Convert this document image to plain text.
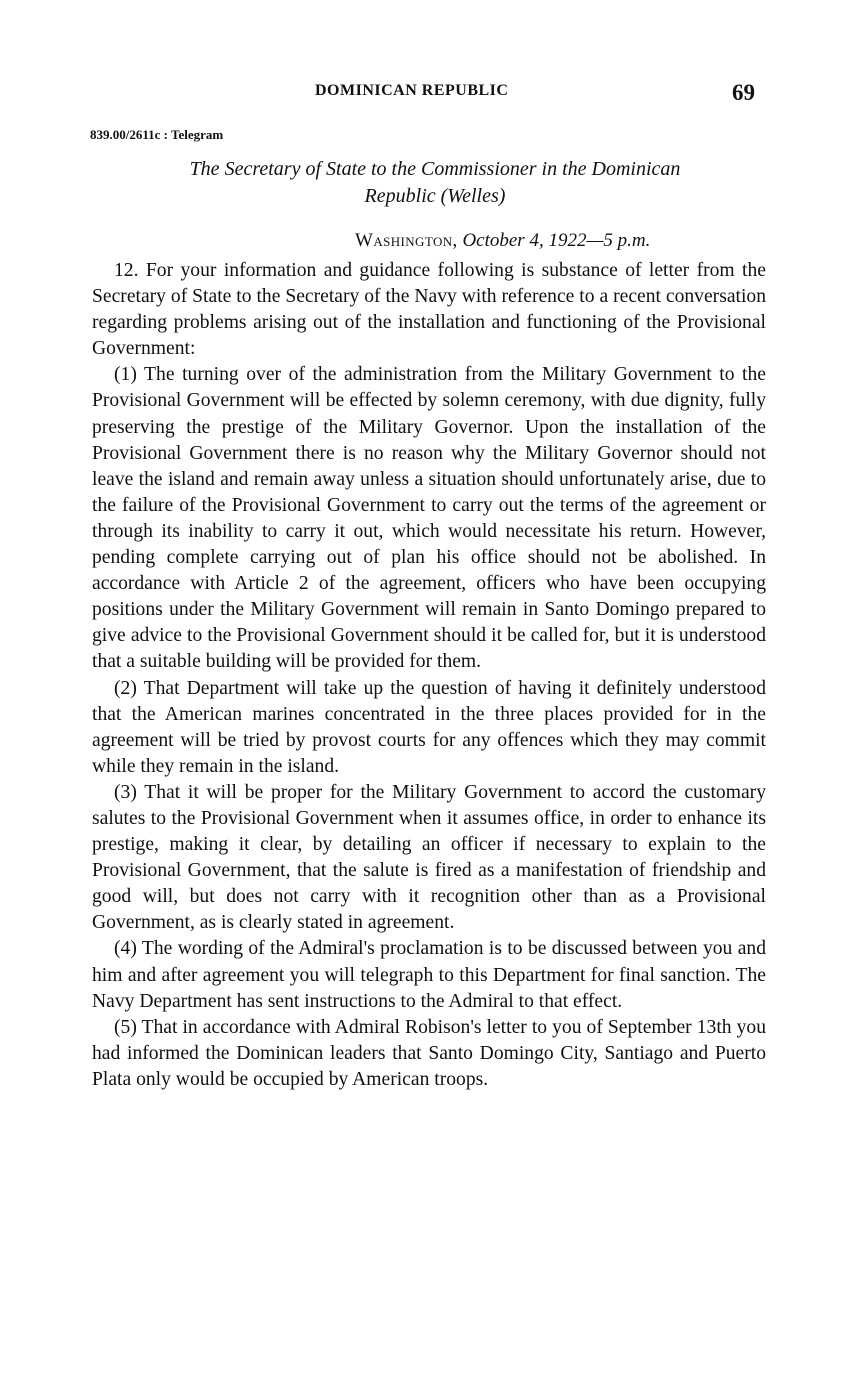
DOMINICAN REPUBLIC	69
839.00/2611c : Telegram
The Secretary of State to the Commissioner in the Dominican
Republic (Welles)
Washington, October 4, 1922—5 p.m.

12. For your information and guidance following is substance of letter from the Secretary of State to the Secretary of the Navy with reference to a recent conversation regarding problems arising out of the installation and functioning of the Provisional Government:

(1) The turning over of the administration from the Military Government to the Provisional Government will be effected by solemn ceremony, with due dignity, fully preserving the prestige of the Military Governor. Upon the installation of the Provisional Government there is no reason why the Military Governor should not leave the island and remain away unless a situation should unfortunately arise, due to the failure of the Provisional Government to carry out the terms of the agreement or through its inability to carry it out, which would necessitate his return. However, pending complete carrying out of plan his office should not be abolished. In accordance with Article 2 of the agreement, officers who have been occupying positions under the Military Government will remain in Santo Domingo prepared to give advice to the Provisional Government should it be called for, but it is understood that a suitable building will be provided for them.

(2) That Department will take up the question of having it definitely understood that the American marines concentrated in the three places provided for in the agreement will be tried by provost courts for any offences which they may commit while they remain in the island.

(3) That it will be proper for the Military Government to accord the customary salutes to the Provisional Government when it assumes office, in order to enhance its prestige, making it clear, by detailing an officer if necessary to explain to the Provisional Government, that the salute is fired as a manifestation of friendship and good will, but does not carry with it recognition other than as a Provisional Government, as is clearly stated in agreement.

(4) The wording of the Admiral's proclamation is to be discussed between you and him and after agreement you will telegraph to this Department for final sanction. The Navy Department has sent instructions to the Admiral to that effect.

(5) That in accordance with Admiral Robison's letter to you of September 13th you had informed the Dominican leaders that Santo Domingo City, Santiago and Puerto Plata only would be occupied by American troops.
